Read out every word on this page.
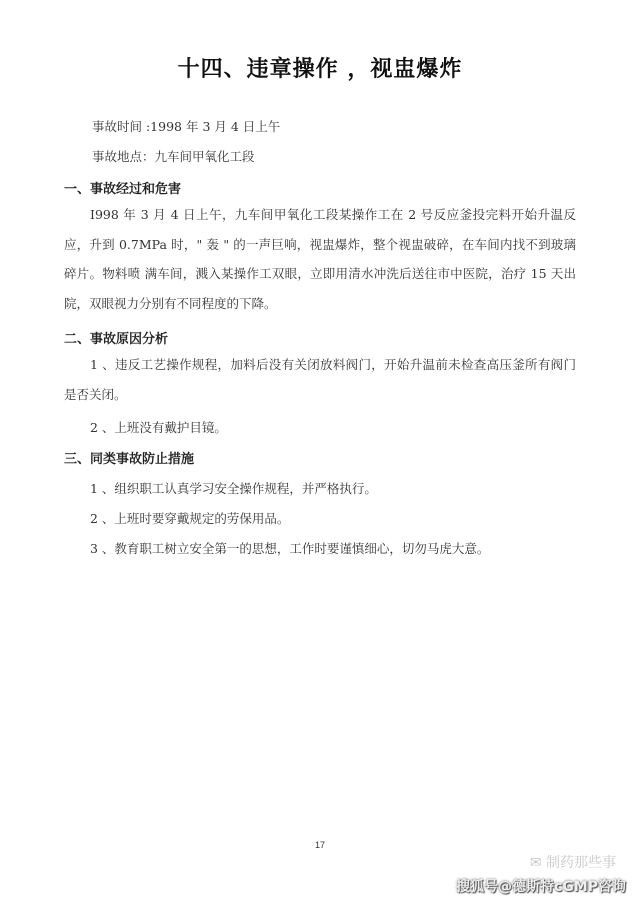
十四、违章操作 ，视盅爆炸
事故时间 :1998 年 3 月 4 日上午
事故地点：九车间甲氧化工段
一、事故经过和危害
I998 年 3 月 4 日上午，九车间甲氧化工段某操作工在 2 号反应釜投完料开始升温反应，升到 0.7MPa 时，" 轰 " 的一声巨响，视盅爆炸，整个视盅破碎，在车间内找不到玻璃碎片。物料喷 满车间，溅入某操作工双眼，立即用清水冲洗后送往市中医院，治疗 15 天出院，双眼视力分别有不同程度的下降。
二、事故原因分析
1 、违反工艺操作规程，加料后没有关闭放料阀门，开始升温前未检查高压釜所有阀门是否关闭。
2 、上班没有戴护目镜。
三、同类事故防止措施
1 、组织职工认真学习安全操作规程，并严格执行。
2 、上班时要穿戴规定的劳保用品。
3 、教育职工树立安全第一的思想，工作时要谨慎细心，切勿马虎大意。
17
✉︎ 制药那些事
搜狐号@德斯特cGMP咨询
